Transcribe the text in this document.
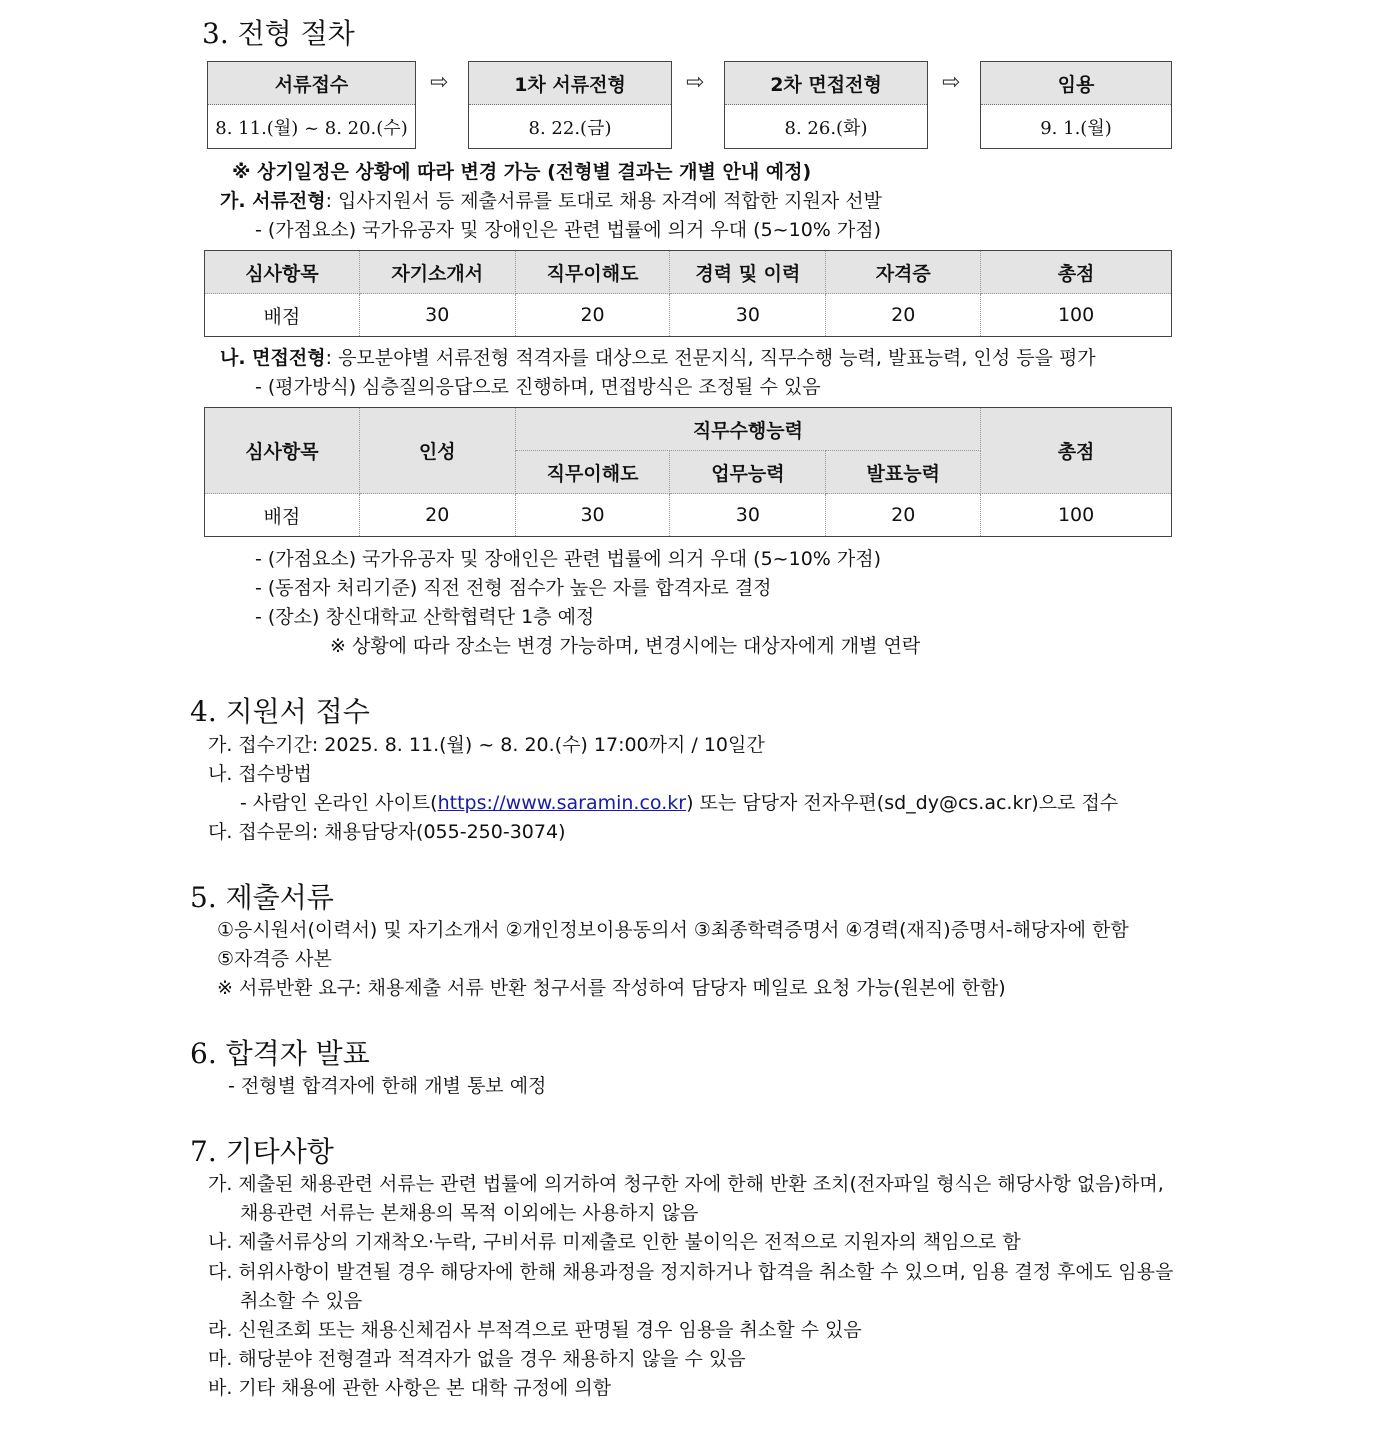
3. 전형 절차
서류접수
8. 11.(월) ~ 8. 20.(수)
⇨	1차 서류전형
8. 22.(금)
⇨	2차 면접전형
8. 26.(화)
⇨	임용
9. 1.(월)
※ 상기일정은 상황에 따라 변경 가능 (전형별 결과는 개별 안내 예정)
가. 서류전형: 입사지원서 등 제출서류를 토대로 채용 자격에 적합한 지원자 선발
- (가점요소) 국가유공자 및 장애인은 관련 법률에 의거 우대 (5~10% 가점)
심사항목	자기소개서	직무이해도	경력 및 이력	자격증	총점
배점	30	20	30	20	100
나. 면접전형: 응모분야별 서류전형 적격자를 대상으로 전문지식, 직무수행 능력, 발표능력, 인성 등을 평가
- (평가방식) 심층질의응답으로 진행하며, 면접방식은 조정될 수 있음
심사항목	인성	직무수행능력			총점
		직무이해도	업무능력	발표능력	
배점	20	30	30	20	100
- (가점요소) 국가유공자 및 장애인은 관련 법률에 의거 우대 (5~10% 가점)
- (동점자 처리기준) 직전 전형 점수가 높은 자를 합격자로 결정
- (장소) 창신대학교 산학협력단 1층 예정
※ 상황에 따라 장소는 변경 가능하며, 변경시에는 대상자에게 개별 연락
4. 지원서 접수
가. 접수기간: 2025. 8. 11.(월) ~ 8. 20.(수) 17:00까지 / 10일간
나. 접수방법
- 사람인 온라인 사이트(https://www.saramin.co.kr) 또는 담당자 전자우편(sd_dy@cs.ac.kr)으로 접수
다. 접수문의: 채용담당자(055-250-3074)
5. 제출서류
①응시원서(이력서) 및 자기소개서 ②개인정보이용동의서 ③최종학력증명서 ④경력(재직)증명서-해당자에 한함
⑤자격증 사본
※ 서류반환 요구: 채용제출 서류 반환 청구서를 작성하여 담당자 메일로 요청 가능(원본에 한함)
6. 합격자 발표
- 전형별 합격자에 한해 개별 통보 예정
7. 기타사항
가. 제출된 채용관련 서류는 관련 법률에 의거하여 청구한 자에 한해 반환 조치(전자파일 형식은 해당사항 없음)하며,
채용관련 서류는 본채용의 목적 이외에는 사용하지 않음
나. 제출서류상의 기재착오·누락, 구비서류 미제출로 인한 불이익은 전적으로 지원자의 책임으로 함
다. 허위사항이 발견될 경우 해당자에 한해 채용과정을 정지하거나 합격을 취소할 수 있으며, 임용 결정 후에도 임용을
취소할 수 있음
라. 신원조회 또는 채용신체검사 부적격으로 판명될 경우 임용을 취소할 수 있음
마. 해당분야 전형결과 적격자가 없을 경우 채용하지 않을 수 있음
바. 기타 채용에 관한 사항은 본 대학 규정에 의함
